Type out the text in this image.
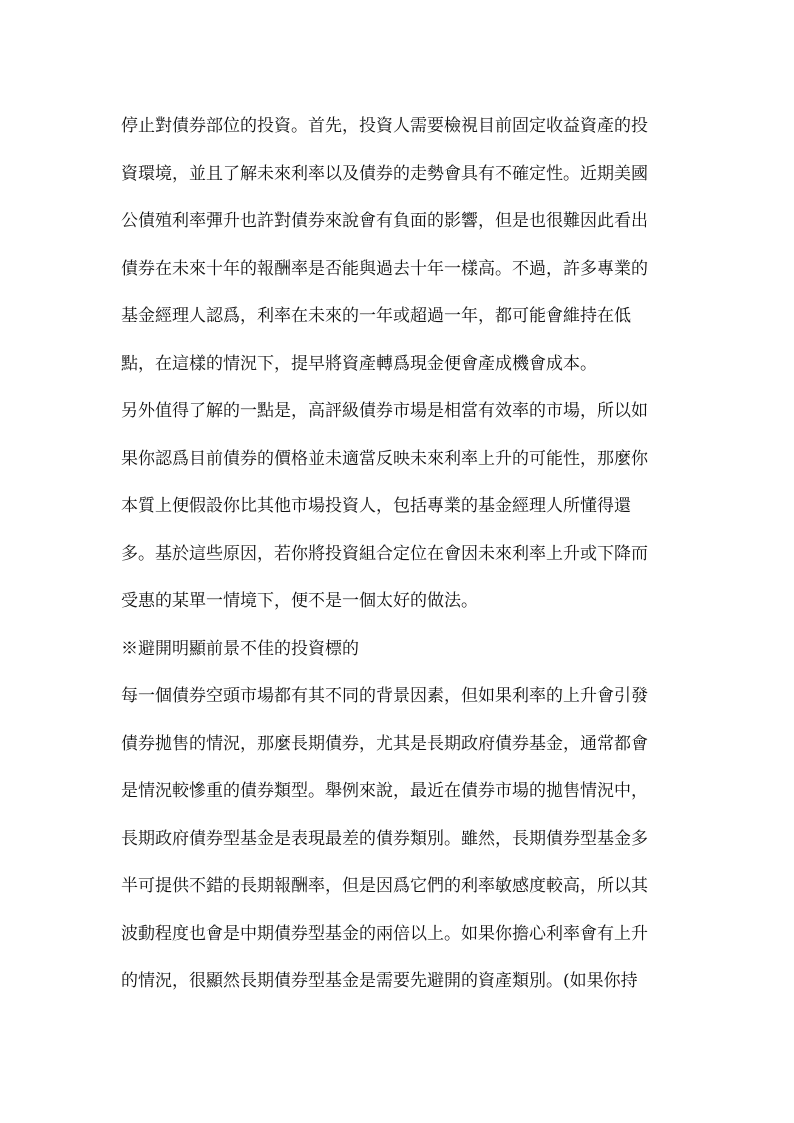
停止對債券部位的投資。首先，投資人需要檢視目前固定收益資產的投
資環境，並且了解未來利率以及債券的走勢會具有不確定性。近期美國
公債殖利率彈升也許對債券來說會有負面的影響，但是也很難因此看出
債券在未來十年的報酬率是否能與過去十年一樣高。不過，許多專業的
基金經理人認爲，利率在未來的一年或超過一年，都可能會維持在低
點，在這樣的情況下，提早將資產轉爲現金便會產成機會成本。
另外值得了解的一點是，高評級債券市場是相當有效率的市場，所以如
果你認爲目前債券的價格並未適當反映未來利率上升的可能性，那麼你
本質上便假設你比其他市場投資人，包括專業的基金經理人所懂得還
多。基於這些原因，若你將投資組合定位在會因未來利率上升或下降而
受惠的某單一情境下，便不是一個太好的做法。
※避開明顯前景不佳的投資標的
每一個債券空頭市場都有其不同的背景因素，但如果利率的上升會引發
債券拋售的情況，那麼長期債券，尤其是長期政府債券基金，通常都會
是情況較慘重的債券類型。舉例來說，最近在債券市場的拋售情況中，
長期政府債券型基金是表現最差的債券類別。雖然，長期債券型基金多
半可提供不錯的長期報酬率，但是因爲它們的利率敏感度較高，所以其
波動程度也會是中期債券型基金的兩倍以上。如果你擔心利率會有上升
的情況，很顯然長期債券型基金是需要先避開的資產類別。(如果你持
